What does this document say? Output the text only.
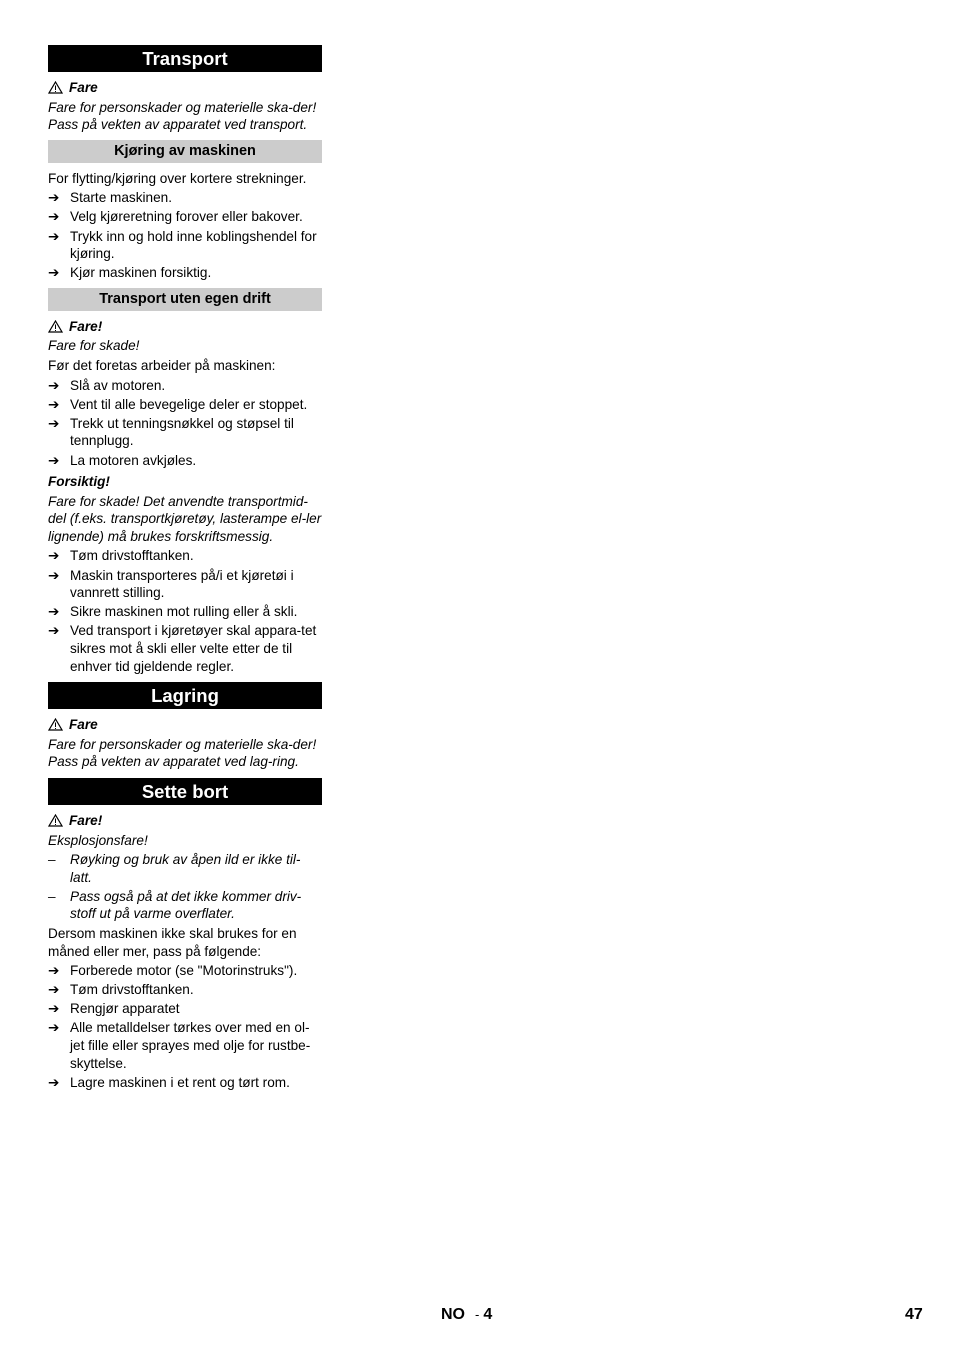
Transport
Fare

Fare for personskader og materielle ska-der! Pass på vekten av apparatet ved transport.

Kjøring av maskinen

For flytting/kjøring over kortere strekninger.

➔ Starte maskinen.
➔ Velg kjøreretning forover eller bakover.
➔ Trykk inn og hold inne koblingshendel for kjøring.
➔ Kjør maskinen forsiktig.
Transport uten egen drift
Fare!

Fare for skade!

Før det foretas arbeider på maskinen:

➔ Slå av motoren.
➔ Vent til alle bevegelige deler er stoppet.
➔ Trekk ut tenningsnøkkel og støpsel til tennplugg.
➔ La motoren avkjøles.

Forsiktig!

Fare for skade! Det anvendte transportmid-del (f.eks. transportkjøretøy, lasterampe el-ler lignende) må brukes forskriftsmessig.

➔ Tøm drivstofftanken.
➔ Maskin transporteres på/i et kjøretøi i vannrett stilling.
➔ Sikre maskinen mot rulling eller å skli.
➔ Ved transport i kjøretøyer skal appara-tet sikres mot å skli eller velte etter de til enhver tid gjeldende regler.
Lagring
Fare

Fare for personskader og materielle ska-der! Pass på vekten av apparatet ved lag-ring.

Sette bort
Fare!

Eksplosjonsfare!

–	Røyking og bruk av åpen ild er ikke til-latt.
–	Pass også på at det ikke kommer driv-stoff ut på varme overflater.

Dersom maskinen ikke skal brukes for en måned eller mer, pass på følgende:

➔ Forberede motor (se "Motorinstruks").
➔ Tøm drivstofftanken.
➔ Rengjør apparatet
➔ Alle metalldelser tørkes over med en ol-jet fille eller sprayes med olje for rustbe-skyttelse.
➔ Lagre maskinen i et rent og tørt rom.
NO - 4	47
